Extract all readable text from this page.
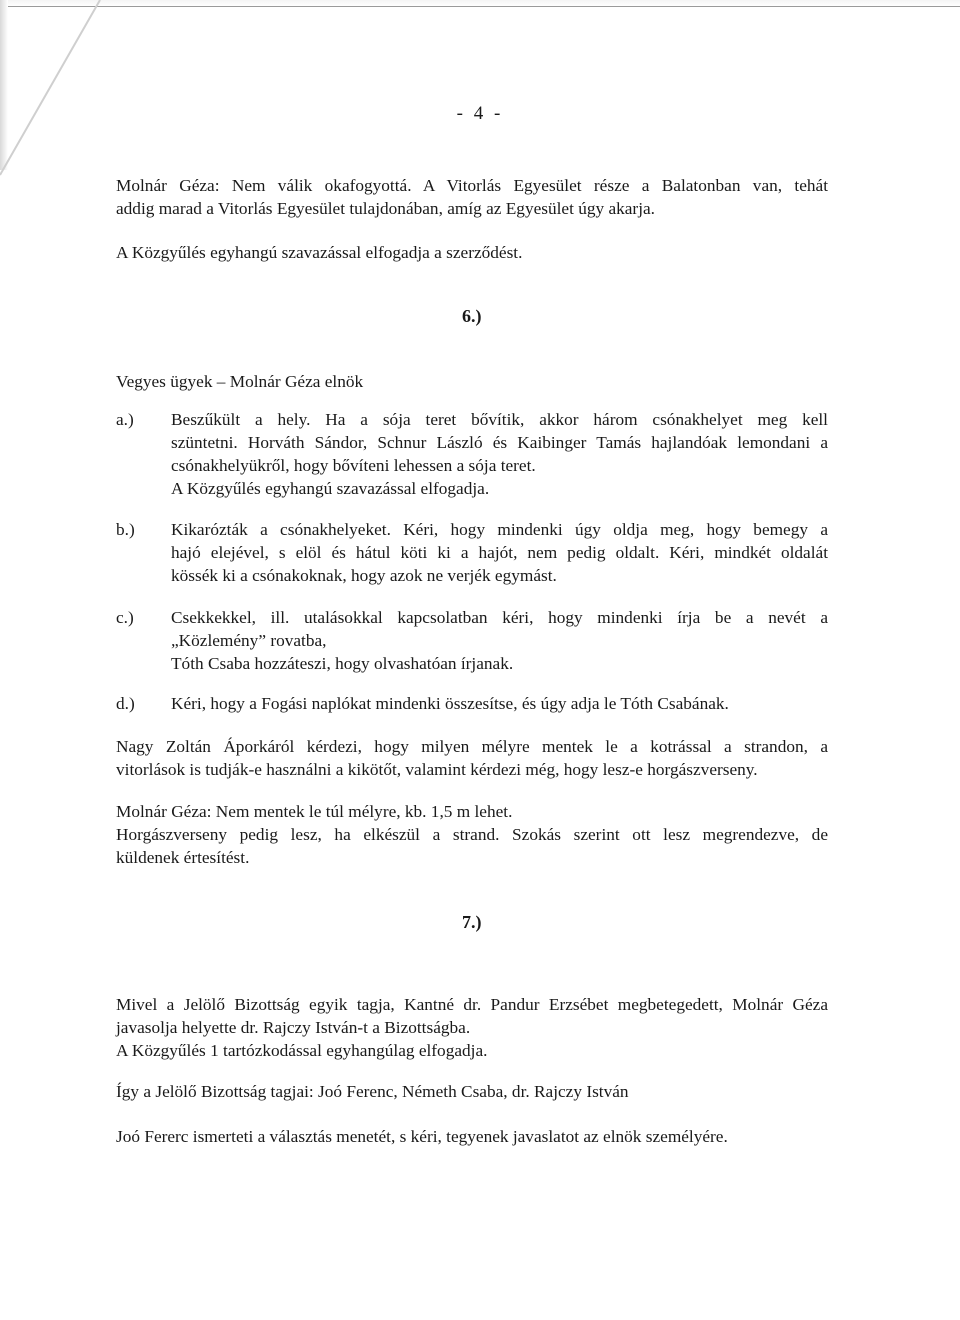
- 4 -

Molnár Géza: Nem válik okafogyottá. A Vitorlás Egyesület része a Balatonban van, tehát
addig marad a Vitorlás Egyesület tulajdonában, amíg az Egyesület úgy akarja.

A Közgyűlés egyhangú szavazással elfogadja a szerződést.

6.)

Vegyes ügyek – Molnár Géza elnök

a.) Beszűkült a hely. Ha a sója teret bővítik, akkor három csónakhelyet meg kell
szüntetni. Horváth Sándor, Schnur László és Kaibinger Tamás hajlandóak lemondani a
csónakhelyükről, hogy bővíteni lehessen a sója teret.
A Közgyűlés egyhangú szavazással elfogadja.

b.) Kikarózták a csónakhelyeket. Kéri, hogy mindenki úgy oldja meg, hogy bemegy a
hajó elejével, s elöl és hátul köti ki a hajót, nem pedig oldalt. Kéri, mindkét oldalát
kössék ki a csónakoknak, hogy azok ne verjék egymást.

c.) Csekkekkel, ill. utalásokkal kapcsolatban kéri, hogy mindenki írja be a nevét a
„Közlemény” rovatba,
Tóth Csaba hozzáteszi, hogy olvashatóan írjanak.

d.) Kéri, hogy a Fogási naplókat mindenki összesítse, és úgy adja le Tóth Csabának.

Nagy Zoltán Áporkáról kérdezi, hogy milyen mélyre mentek le a kotrással a strandon, a
vitorlások is tudják-e használni a kikötőt, valamint kérdezi még, hogy lesz-e horgászverseny.

Molnár Géza: Nem mentek le túl mélyre, kb. 1,5 m lehet.
Horgászverseny pedig lesz, ha elkészül a strand. Szokás szerint ott lesz megrendezve, de
küldenek értesítést.

7.)

Mivel a Jelölő Bizottság egyik tagja, Kantné dr. Pandur Erzsébet megbetegedett, Molnár Géza
javasolja helyette dr. Rajczy István-t a Bizottságba.
A Közgyűlés 1 tartózkodással egyhangúlag elfogadja.

Így a Jelölő Bizottság tagjai: Joó Ferenc, Németh Csaba, dr. Rajczy István

Joó Fererc ismerteti a választás menetét, s kéri, tegyenek javaslatot az elnök személyére.
